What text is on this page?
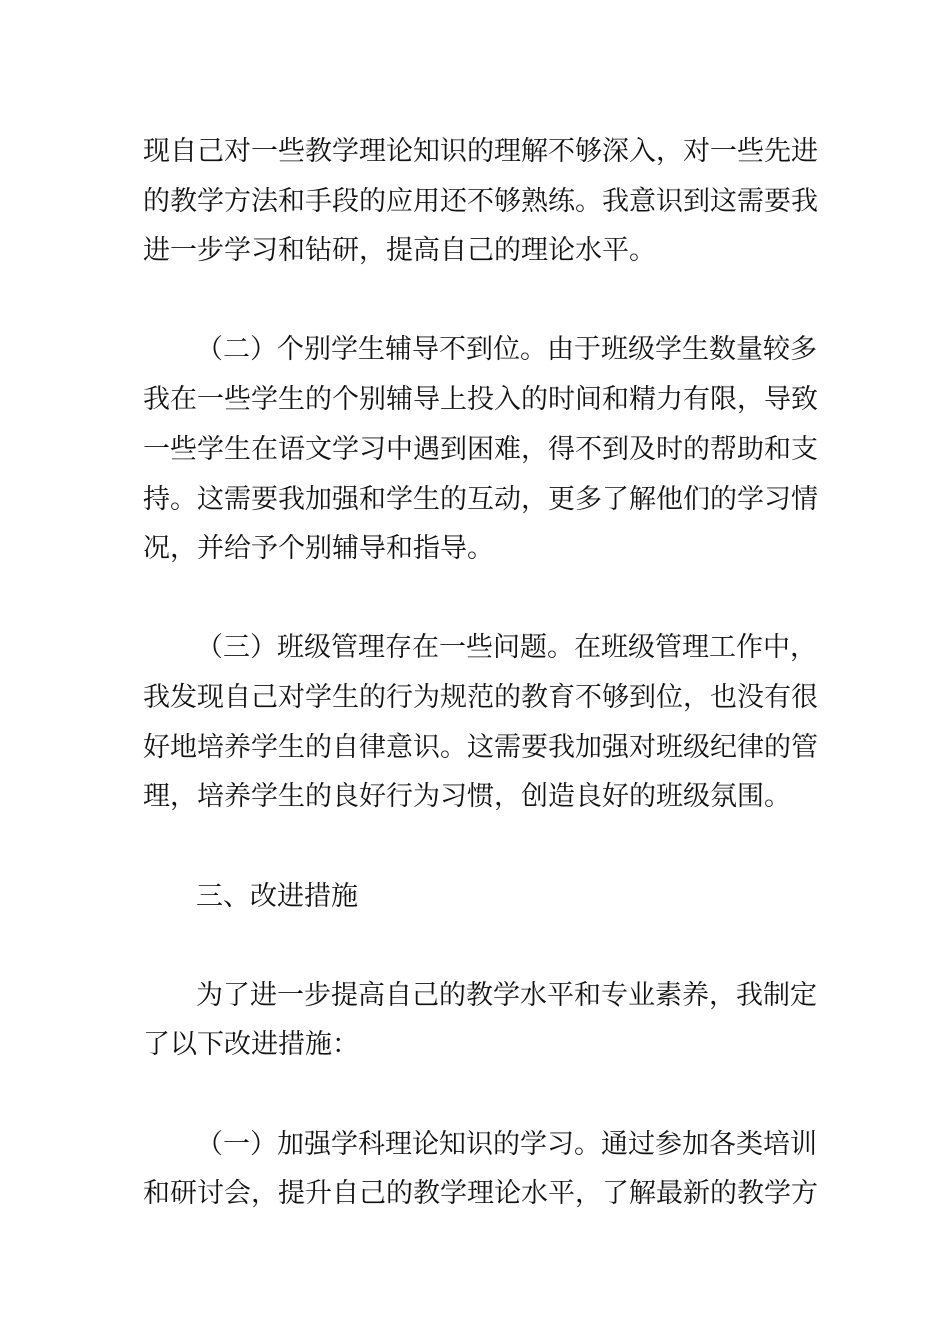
现自己对一些教学理论知识的理解不够深入，对一些先进
的教学方法和手段的应用还不够熟练。我意识到这需要我
进一步学习和钻研，提高自己的理论水平。
（二）个别学生辅导不到位。由于班级学生数量较多
我在一些学生的个别辅导上投入的时间和精力有限，导致
一些学生在语文学习中遇到困难，得不到及时的帮助和支
持。这需要我加强和学生的互动，更多了解他们的学习情
况，并给予个别辅导和指导。
（三）班级管理存在一些问题。在班级管理工作中，
我发现自己对学生的行为规范的教育不够到位，也没有很
好地培养学生的自律意识。这需要我加强对班级纪律的管
理，培养学生的良好行为习惯，创造良好的班级氛围。
三、改进措施
为了进一步提高自己的教学水平和专业素养，我制定
了以下改进措施：
（一）加强学科理论知识的学习。通过参加各类培训
和研讨会，提升自己的教学理论水平，了解最新的教学方
